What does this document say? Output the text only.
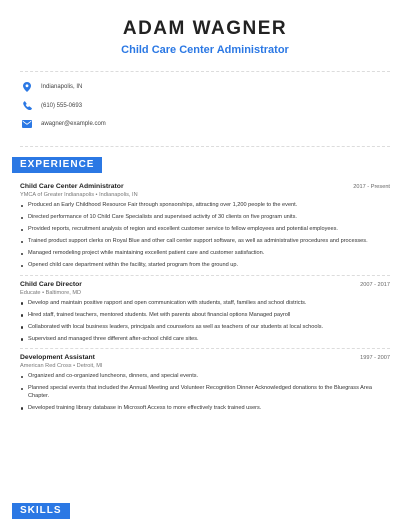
ADAM WAGNER
Child Care Center Administrator
Indianapolis, IN
(610) 555-0693
awagner@example.com
EXPERIENCE
Child Care Center Administrator	2017 - Present
YMCA of Greater Indianapolis • Indianapolis, IN
Produced an Early Childhood Resource Fair through sponsorships, attracting over 1,200 people to the event.
Directed performance of 10 Child Care Specialists and supervised activity of 30 clients on five program units.
Provided reports, recruitment analysis of region and excellent customer service to fellow employees and potential employees.
Trained product support clerks on Royal Blue and other call center support software, as well as administrative procedures and processes.
Managed remodeling project while maintaining excellent patient care and customer satisfaction.
Opened child care department within the facility, started program from the ground up.
Child Care Director	2007 - 2017
Educate • Baltimore, MD
Develop and maintain positive rapport and open communication with students, staff, families and school districts.
Hired staff, trained teachers, mentored students. Met with parents about financial options Managed payroll
Collaborated with local business leaders, principals and counselors as well as teachers of our students at local schools.
Supervised and managed three different after-school child care sites.
Development Assistant	1997 - 2007
American Red Cross • Detroit, MI
Organized and co-organized luncheons, dinners, and special events.
Planned special events that included the Annual Meeting and Volunteer Recognition Dinner Acknowledged donations to the Bluegrass Area Chapter.
Developed training library database in Microsoft Access to more effectively track trained users.
SKILLS
